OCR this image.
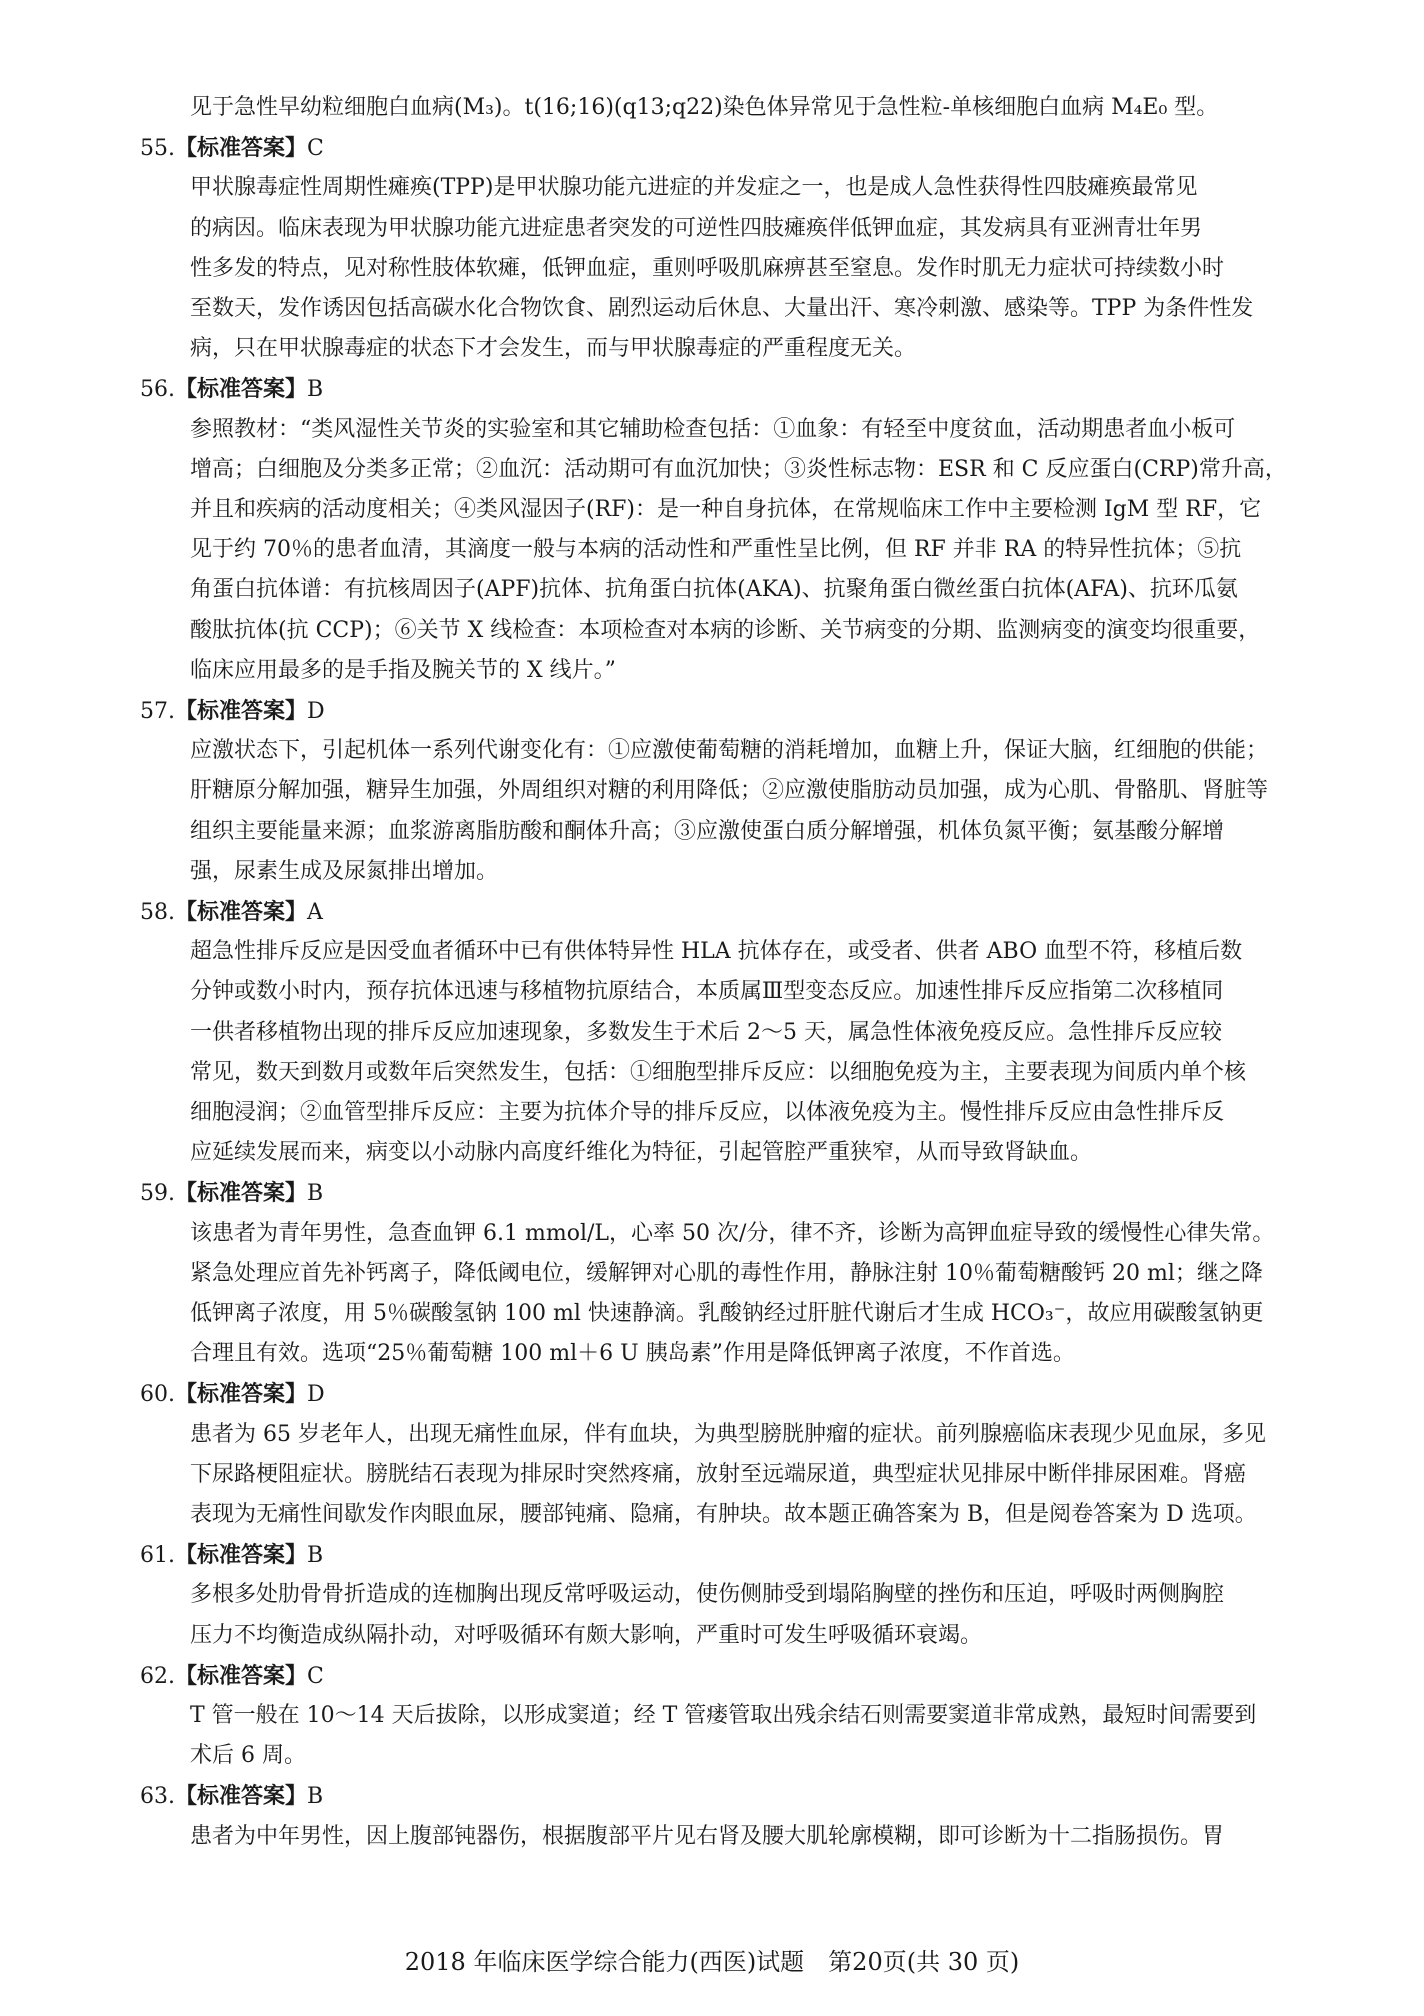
见于急性早幼粒细胞白血病(M₃)。t(16;16)(q13;q22)染色体异常见于急性粒-单核细胞白血病 M₄E₀ 型。
55.【标准答案】C
甲状腺毒症性周期性瘫痪(TPP)是甲状腺功能亢进症的并发症之一，也是成人急性获得性四肢瘫痪最常见
的病因。临床表现为甲状腺功能亢进症患者突发的可逆性四肢瘫痪伴低钾血症，其发病具有亚洲青壮年男
性多发的特点，见对称性肢体软瘫，低钾血症，重则呼吸肌麻痹甚至窒息。发作时肌无力症状可持续数小时
至数天，发作诱因包括高碳水化合物饮食、剧烈运动后休息、大量出汗、寒冷刺激、感染等。TPP 为条件性发
病，只在甲状腺毒症的状态下才会发生，而与甲状腺毒症的严重程度无关。
56.【标准答案】B
参照教材：“类风湿性关节炎的实验室和其它辅助检查包括：①血象：有轻至中度贫血，活动期患者血小板可
增高；白细胞及分类多正常；②血沉：活动期可有血沉加快；③炎性标志物：ESR 和 C 反应蛋白(CRP)常升高，
并且和疾病的活动度相关；④类风湿因子(RF)：是一种自身抗体，在常规临床工作中主要检测 IgM 型 RF，它
见于约 70％的患者血清，其滴度一般与本病的活动性和严重性呈比例，但 RF 并非 RA 的特异性抗体；⑤抗
角蛋白抗体谱：有抗核周因子(APF)抗体、抗角蛋白抗体(AKA)、抗聚角蛋白微丝蛋白抗体(AFA)、抗环瓜氨
酸肽抗体(抗 CCP)；⑥关节 X 线检查：本项检查对本病的诊断、关节病变的分期、监测病变的演变均很重要，
临床应用最多的是手指及腕关节的 X 线片。”
57.【标准答案】D
应激状态下，引起机体一系列代谢变化有：①应激使葡萄糖的消耗增加，血糖上升，保证大脑，红细胞的供能；
肝糖原分解加强，糖异生加强，外周组织对糖的利用降低；②应激使脂肪动员加强，成为心肌、骨骼肌、肾脏等
组织主要能量来源；血浆游离脂肪酸和酮体升高；③应激使蛋白质分解增强，机体负氮平衡；氨基酸分解增
强，尿素生成及尿氮排出增加。
58.【标准答案】A
超急性排斥反应是因受血者循环中已有供体特异性 HLA 抗体存在，或受者、供者 ABO 血型不符，移植后数
分钟或数小时内，预存抗体迅速与移植物抗原结合，本质属Ⅲ型变态反应。加速性排斥反应指第二次移植同
一供者移植物出现的排斥反应加速现象，多数发生于术后 2～5 天，属急性体液免疫反应。急性排斥反应较
常见，数天到数月或数年后突然发生，包括：①细胞型排斥反应：以细胞免疫为主，主要表现为间质内单个核
细胞浸润；②血管型排斥反应：主要为抗体介导的排斥反应，以体液免疫为主。慢性排斥反应由急性排斥反
应延续发展而来，病变以小动脉内高度纤维化为特征，引起管腔严重狭窄，从而导致肾缺血。
59.【标准答案】B
该患者为青年男性，急查血钾 6.1 mmol/L，心率 50 次/分，律不齐，诊断为高钾血症导致的缓慢性心律失常。
紧急处理应首先补钙离子，降低阈电位，缓解钾对心肌的毒性作用，静脉注射 10％葡萄糖酸钙 20 ml；继之降
低钾离子浓度，用 5％碳酸氢钠 100 ml 快速静滴。乳酸钠经过肝脏代谢后才生成 HCO₃⁻，故应用碳酸氢钠更
合理且有效。选项“25％葡萄糖 100 ml＋6 U 胰岛素”作用是降低钾离子浓度，不作首选。
60.【标准答案】D
患者为 65 岁老年人，出现无痛性血尿，伴有血块，为典型膀胱肿瘤的症状。前列腺癌临床表现少见血尿，多见
下尿路梗阻症状。膀胱结石表现为排尿时突然疼痛，放射至远端尿道，典型症状见排尿中断伴排尿困难。肾癌
表现为无痛性间歇发作肉眼血尿，腰部钝痛、隐痛，有肿块。故本题正确答案为 B，但是阅卷答案为 D 选项。
61.【标准答案】B
多根多处肋骨骨折造成的连枷胸出现反常呼吸运动，使伤侧肺受到塌陷胸壁的挫伤和压迫，呼吸时两侧胸腔
压力不均衡造成纵隔扑动，对呼吸循环有颇大影响，严重时可发生呼吸循环衰竭。
62.【标准答案】C
T 管一般在 10～14 天后拔除，以形成窦道；经 T 管瘘管取出残余结石则需要窦道非常成熟，最短时间需要到
术后 6 周。
63.【标准答案】B
患者为中年男性，因上腹部钝器伤，根据腹部平片见右肾及腰大肌轮廓模糊，即可诊断为十二指肠损伤。胃
2018 年临床医学综合能力(西医)试题　第20页(共 30 页)
